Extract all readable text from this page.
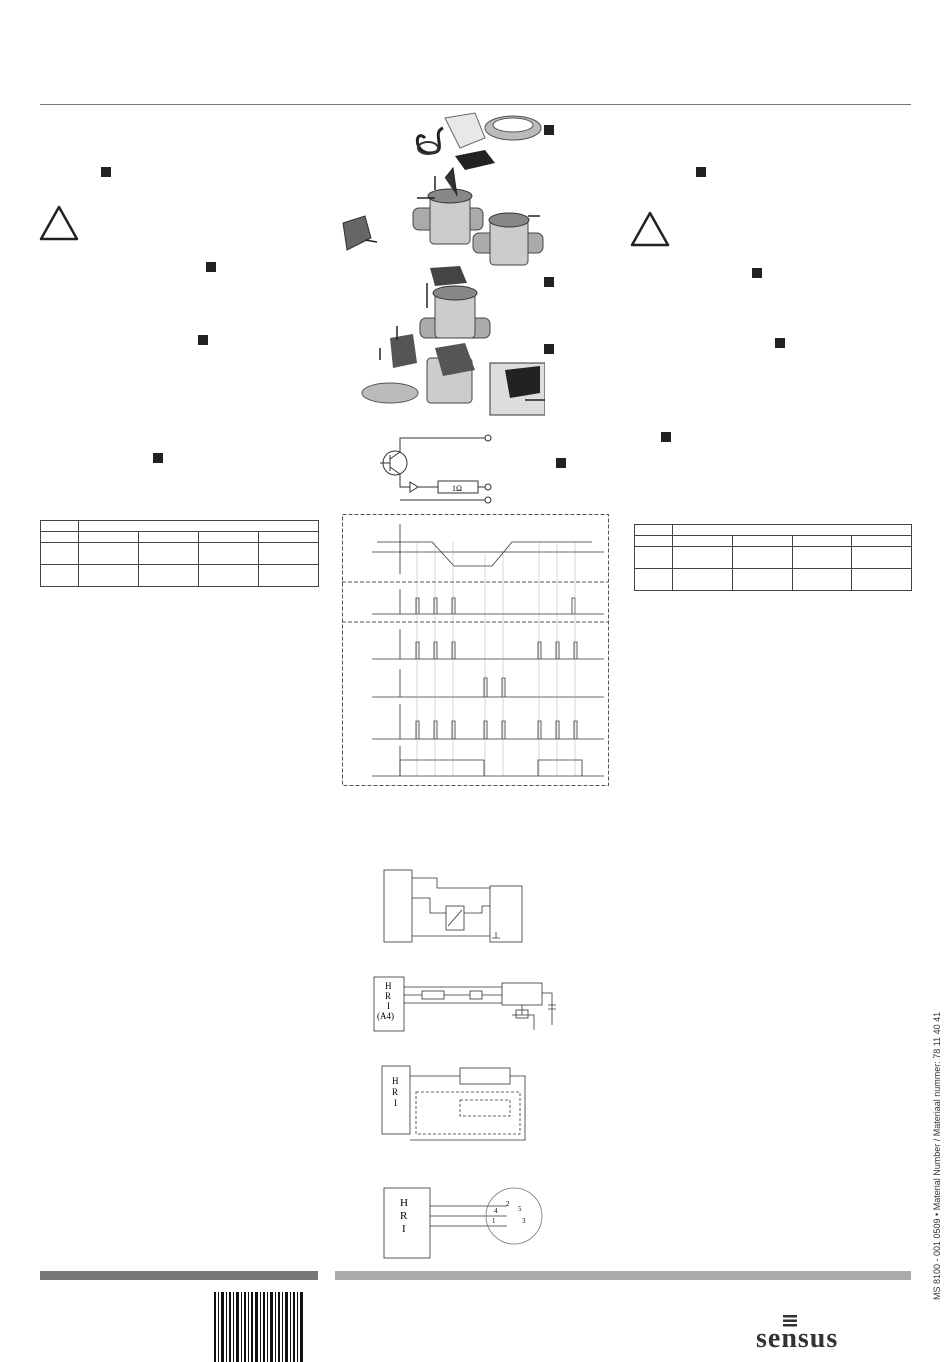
1Ω
H
R
I
(A4)
H
R
I
H
R
I
1
2
3
4	5
sensus
MS 8100 - 001 0509 • Material Number / Materiaal nummer: 78 11 40 41
